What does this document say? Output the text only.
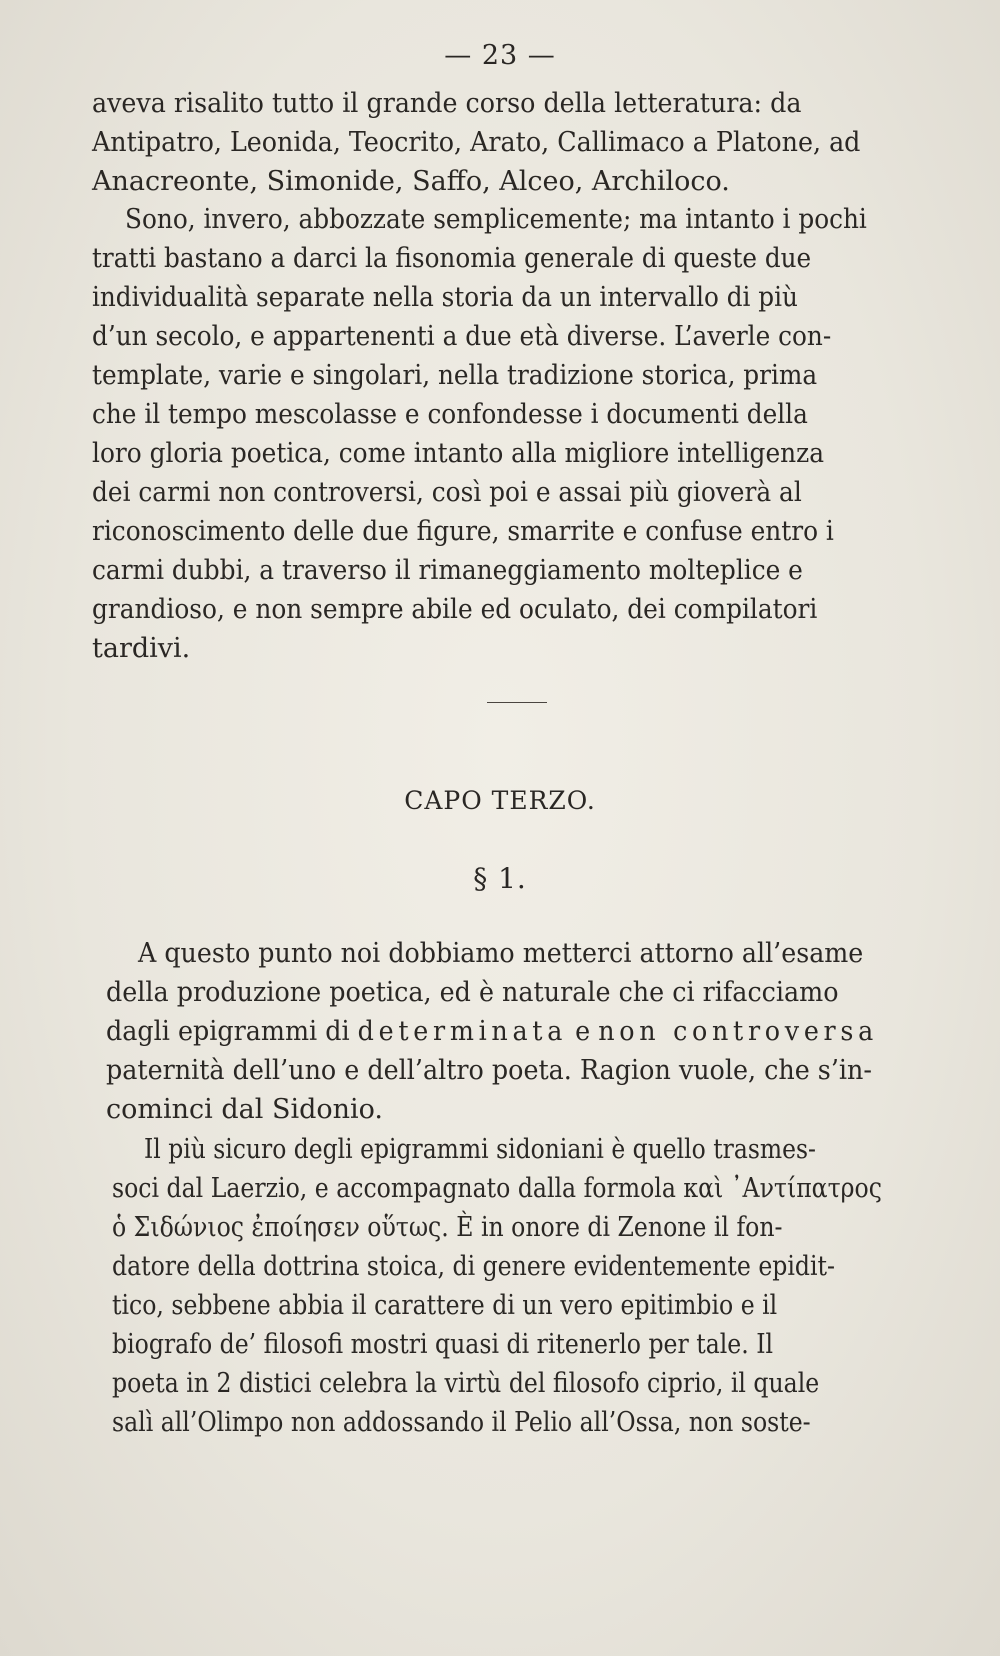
— 23 —
aveva risalito tutto il grande corso della letteratura: da
Antipatro, Leonida, Teocrito, Arato, Callimaco a Platone, ad
Anacreonte, Simonide, Saffo, Alceo, Archiloco.
Sono, invero, abbozzate semplicemente; ma intanto i pochi
tratti bastano a darci la fisonomia generale di queste due
individualità separate nella storia da un intervallo di più
d’un secolo, e appartenenti a due età diverse. L’averle con-
template, varie e singolari, nella tradizione storica, prima
che il tempo mescolasse e confondesse i documenti della
loro gloria poetica, come intanto alla migliore intelligenza
dei carmi non controversi, così poi e assai più gioverà al
riconoscimento delle due figure, smarrite e confuse entro i
carmi dubbi, a traverso il rimaneggiamento molteplice e
grandioso, e non sempre abile ed oculato, dei compilatori
tardivi.
CAPO TERZO.
§ 1.
A questo punto noi dobbiamo metterci attorno all’esame
della produzione poetica, ed è naturale che ci rifacciamo
dagli epigrammi di determinata e non controversa
paternità dell’uno e dell’altro poeta. Ragion vuole, che s’in-
cominci dal Sidonio.
Il più sicuro degli epigrammi sidoniani è quello trasmes-
soci dal Laerzio, e accompagnato dalla formola καὶ ᾽Αντίπατρος
ὁ Σιδώνιος ἐποίησεν οὕτως. È in onore di Zenone il fon-
datore della dottrina stoica, di genere evidentemente epidit-
tico, sebbene abbia il carattere di un vero epitimbio e il
biografo de’ filosofi mostri quasi di ritenerlo per tale. Il
poeta in 2 distici celebra la virtù del filosofo ciprio, il quale
salì all’Olimpo non addossando il Pelio all’Ossa, non soste-
